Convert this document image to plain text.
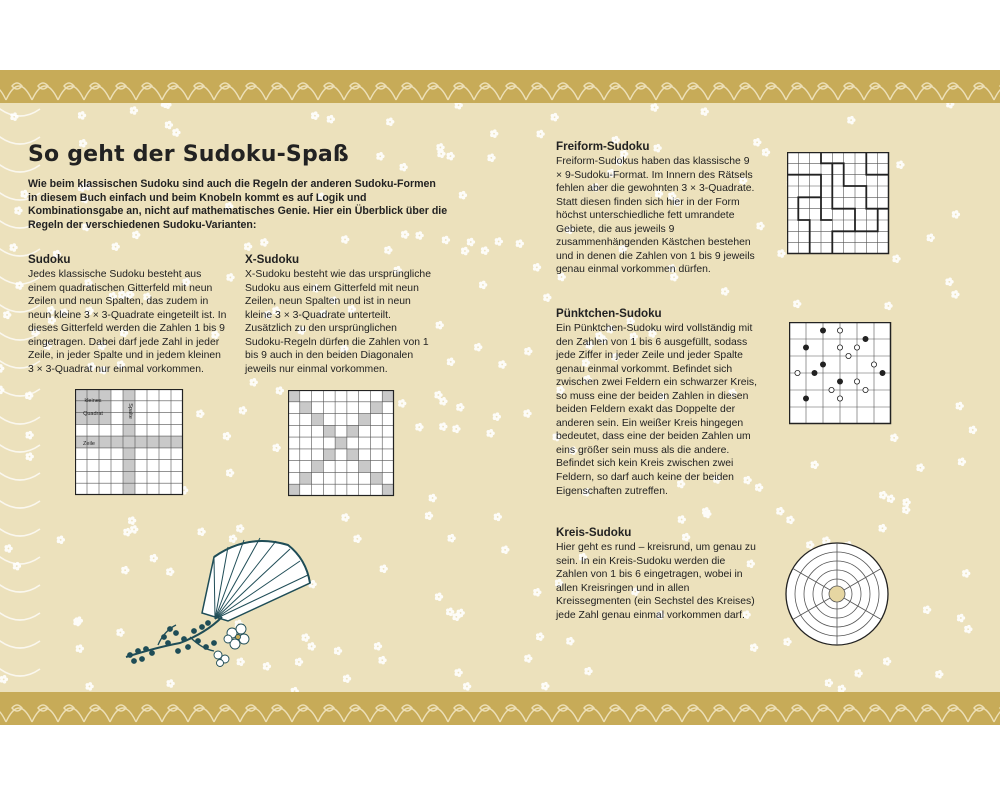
So geht der Sudoku-Spaß
Wie beim klassischen Sudoku sind auch die Regeln der anderen Sudoku-Formen in diesem Buch einfach und beim Knobeln kommt es auf Logik und Kombinationsgabe an, nicht auf mathematisches Genie. Hier ein Überblick über die Regeln der verschiedenen Sudoku-Varianten:
Sudoku
Jedes klassische Sudoku besteht aus einem quadratischen Gitterfeld mit neun Zeilen und neun Spalten, das zudem in neun kleine 3 × 3-Quadrate eingeteilt ist. In dieses Gitterfeld werden die Zahlen 1 bis 9 eingetragen. Dabei darf jede Zahl in jeder Zeile, in jeder Spalte und in jedem kleinen 3 × 3-Quadrat nur einmal vorkommen.
X-Sudoku
X-Sudoku besteht wie das ursprüngliche Sudoku aus einem Gitterfeld mit neun Zeilen, neun Spalten und ist in neun kleine 3 × 3-Quadrate unterteilt. Zusätzlich zu den ursprünglichen Sudoku-Regeln dürfen die Zahlen von 1 bis 9 auch in den beiden Diagonalen jeweils nur einmal vorkommen.
kleines
Quadrat	Spalte
Zeile
Freiform-Sudoku
Freiform-Sudokus haben das klassische 9 × 9-Sudoku-Format. Im Innern des Rätsels fehlen aber die gewohnten 3 × 3-Quadrate. Statt diesen finden sich hier in der Form höchst unterschiedliche fett umrandete Gebiete, die aus jeweils 9 zusammenhängenden Kästchen bestehen und in denen die Zahlen von 1 bis 9 jeweils genau einmal vorkommen dürfen.
Pünktchen-Sudoku
Ein Pünktchen-Sudoku wird vollständig mit den Zahlen von 1 bis 6 ausgefüllt, sodass jede Ziffer in jeder Zeile und jeder Spalte genau einmal vorkommt. Befindet sich zwischen zwei Feldern ein schwarzer Kreis, so muss eine der beiden Zahlen in diesen beiden Feldern exakt das Doppelte der anderen sein. Ein weißer Kreis hingegen bedeutet, dass eine der beiden Zahlen um eins größer sein muss als die andere. Befindet sich kein Kreis zwischen zwei Feldern, so darf auch keine der beiden Eigenschaften zutreffen.
Kreis-Sudoku
Hier geht es rund – kreisrund, um genau zu sein. In ein Kreis-Sudoku werden die Zahlen von 1 bis 6 eingetragen, wobei in allen Kreisringen und in allen Kreissegmenten (ein Sechstel des Kreises) jede Zahl genau einmal vorkommen darf.
